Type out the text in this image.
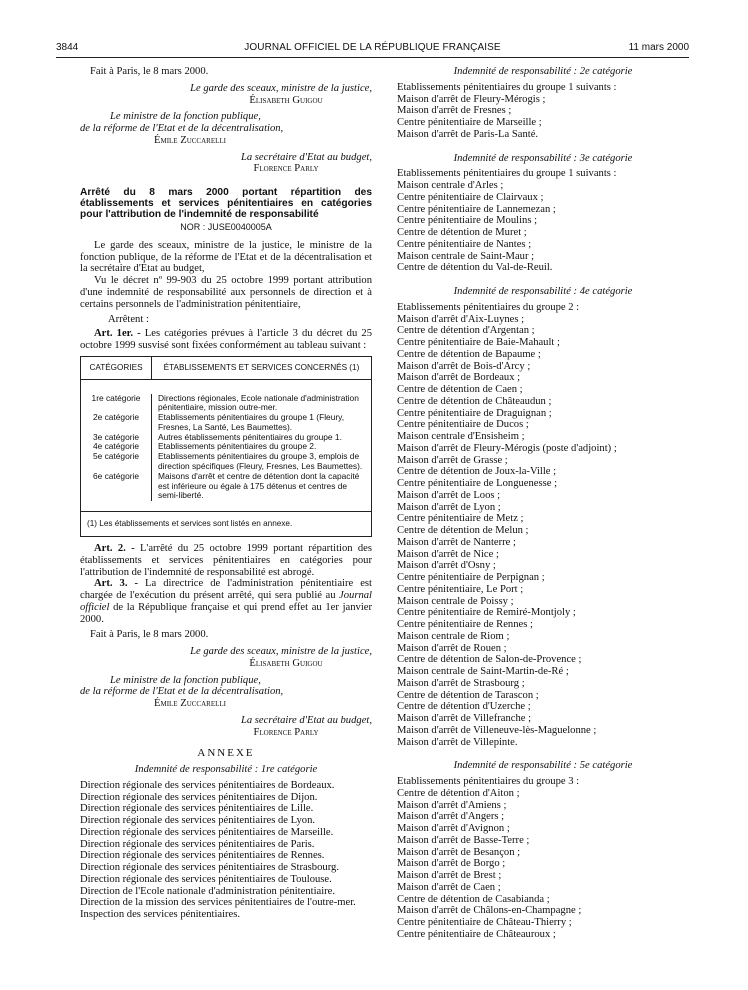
3844	JOURNAL OFFICIEL DE LA RÉPUBLIQUE FRANÇAISE	11 mars 2000
Fait à Paris, le 8 mars 2000.
Le garde des sceaux, ministre de la justice,
Élisabeth Guigou
Le ministre de la fonction publique,
de la réforme de l'Etat et de la décentralisation,
Émile Zuccarelli
La secrétaire d'Etat au budget,
Florence Parly
Arrêté du 8 mars 2000 portant répartition des établissements et services pénitentiaires en catégories pour l'attribution de l'indemnité de responsabilité
NOR : JUSE0040005A
Le garde des sceaux, ministre de la justice, le ministre de la fonction publique, de la réforme de l'Etat et de la décentralisation et la secrétaire d'Etat au budget,
Vu le décret nº 99-903 du 25 octobre 1999 portant attribution d'une indemnité de responsabilité aux personnels de direction et à certains personnels de l'administration pénitentiaire,
Arrêtent :
Art. 1er. - Les catégories prévues à l'article 3 du décret du 25 octobre 1999 susvisé sont fixées conformément au tableau suivant :
CATÉGORIES	ÉTABLISSEMENTS ET SERVICES CONCERNÉS (1)
1re catégorie	Directions régionales, Ecole nationale d'administration pénitentiaire, mission outre-mer.
2e catégorie	Etablissements pénitentiaires du groupe 1 (Fleury, Fresnes, La Santé, Les Baumettes).
3e catégorie	Autres établissements pénitentiaires du groupe 1.
4e catégorie	Etablissements pénitentiaires du groupe 2.
5e catégorie	Etablissements pénitentiaires du groupe 3, emplois de direction spécifiques (Fleury, Fresnes, Les Baumettes).
6e catégorie	Maisons d'arrêt et centre de détention dont la capacité est inférieure ou égale à 175 détenus et centres de semi-liberté.
(1) Les établissements et services sont listés en annexe.
Art. 2. - L'arrêté du 25 octobre 1999 portant répartition des établissements et services pénitentiaires en catégories pour l'attribution de l'indemnité de responsabilité est abrogé.
Art. 3. - La directrice de l'administration pénitentiaire est chargée de l'exécution du présent arrêté, qui sera publié au Journal officiel de la République française et qui prend effet au 1er janvier 2000.
Fait à Paris, le 8 mars 2000.
Le garde des sceaux, ministre de la justice,
Élisabeth Guigou
Le ministre de la fonction publique,
de la réforme de l'Etat et de la décentralisation,
Émile Zuccarelli
La secrétaire d'Etat au budget,
Florence Parly
ANNEXE
Indemnité de responsabilité : 1re catégorie
Direction régionale des services pénitentiaires de Bordeaux.
Direction régionale des services pénitentiaires de Dijon.
Direction régionale des services pénitentiaires de Lille.
Direction régionale des services pénitentiaires de Lyon.
Direction régionale des services pénitentiaires de Marseille.
Direction régionale des services pénitentiaires de Paris.
Direction régionale des services pénitentiaires de Rennes.
Direction régionale des services pénitentiaires de Strasbourg.
Direction régionale des services pénitentiaires de Toulouse.
Direction de l'Ecole nationale d'administration pénitentiaire.
Direction de la mission des services pénitentiaires de l'outre-mer.
Inspection des services pénitentiaires.
Indemnité de responsabilité : 2e catégorie
Etablissements pénitentiaires du groupe 1 suivants :
Maison d'arrêt de Fleury-Mérogis ;
Maison d'arrêt de Fresnes ;
Centre pénitentiaire de Marseille ;
Maison d'arrêt de Paris-La Santé.
Indemnité de responsabilité : 3e catégorie
Etablissements pénitentiaires du groupe 1 suivants :
Maison centrale d'Arles ;
Centre pénitentiaire de Clairvaux ;
Centre pénitentiaire de Lannemezan ;
Centre pénitentiaire de Moulins ;
Centre de détention de Muret ;
Centre pénitentiaire de Nantes ;
Maison centrale de Saint-Maur ;
Centre de détention du Val-de-Reuil.
Indemnité de responsabilité : 4e catégorie
Etablissements pénitentiaires du groupe 2 :
Maison d'arrêt d'Aix-Luynes ;
Centre de détention d'Argentan ;
Centre pénitentiaire de Baie-Mahault ;
Centre de détention de Bapaume ;
Maison d'arrêt de Bois-d'Arcy ;
Maison d'arrêt de Bordeaux ;
Centre de détention de Caen ;
Centre de détention de Châteaudun ;
Centre pénitentiaire de Draguignan ;
Centre pénitentiaire de Ducos ;
Maison centrale d'Ensisheim ;
Maison d'arrêt de Fleury-Mérogis (poste d'adjoint) ;
Maison d'arrêt de Grasse ;
Centre de détention de Joux-la-Ville ;
Centre pénitentiaire de Longuenesse ;
Maison d'arrêt de Loos ;
Maison d'arrêt de Lyon ;
Centre pénitentiaire de Metz ;
Centre de détention de Melun ;
Maison d'arrêt de Nanterre ;
Maison d'arrêt de Nice ;
Maison d'arrêt d'Osny ;
Centre pénitentiaire de Perpignan ;
Centre pénitentiaire, Le Port ;
Maison centrale de Poissy ;
Centre pénitentiaire de Remiré-Montjoly ;
Centre pénitentiaire de Rennes ;
Maison centrale de Riom ;
Maison d'arrêt de Rouen ;
Centre de détention de Salon-de-Provence ;
Maison centrale de Saint-Martin-de-Ré ;
Maison d'arrêt de Strasbourg ;
Centre de détention de Tarascon ;
Centre de détention d'Uzerche ;
Maison d'arrêt de Villefranche ;
Maison d'arrêt de Villeneuve-lès-Maguelonne ;
Maison d'arrêt de Villepinte.
Indemnité de responsabilité : 5e catégorie
Etablissements pénitentiaires du groupe 3 :
Centre de détention d'Aiton ;
Maison d'arrêt d'Amiens ;
Maison d'arrêt d'Angers ;
Maison d'arrêt d'Avignon ;
Maison d'arrêt de Basse-Terre ;
Maison d'arrêt de Besançon ;
Maison d'arrêt de Borgo ;
Maison d'arrêt de Brest ;
Maison d'arrêt de Caen ;
Centre de détention de Casabianda ;
Maison d'arrêt de Châlons-en-Champagne ;
Centre pénitentiaire de Château-Thierry ;
Centre pénitentiaire de Châteauroux ;
